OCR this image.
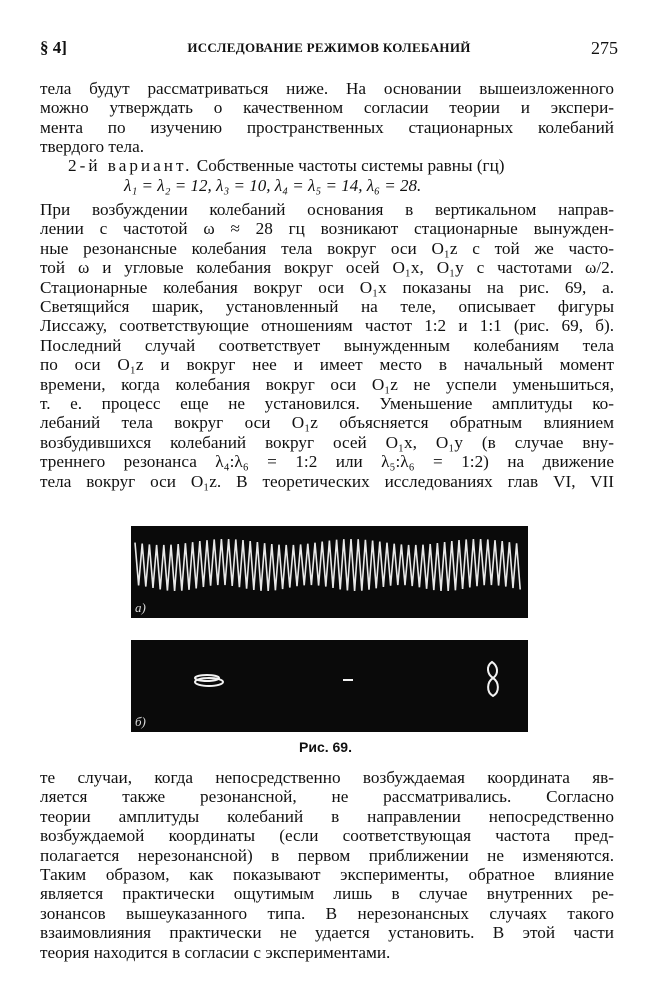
§ 4]	ИССЛЕДОВАНИЕ РЕЖИМОВ КОЛЕБАНИЙ	275
тела будут рассматриваться ниже. На основании вышеизложенного
можно утверждать о качественном согласии теории и экспери-
мента по изучению пространственных стационарных колебаний
твердого тела.
2-й вариант. Собственные частоты системы равны (гц)
λ₁ = λ₂ = 12, λ₃ = 10, λ₄ = λ₅ = 14, λ₆ = 28.
При возбуждении колебаний основания в вертикальном направ-
лении с частотой ω ≈ 28 гц возникают стационарные вынужден-
ные резонансные колебания тела вокруг оси O₁z с той же часто-
той ω и угловые колебания вокруг осей O₁x, O₁y с частотами ω/2.
Стационарные колебания вокруг оси O₁x показаны на рис. 69, а.
Светящийся шарик, установленный на теле, описывает фигуры
Лиссажу, соответствующие отношениям частот 1:2 и 1:1 (рис. 69, б).
Последний случай соответствует вынужденным колебаниям тела
по оси O₁z и вокруг нее и имеет место в начальный момент
времени, когда колебания вокруг оси O₁z не успели уменьшиться,
т. е. процесс еще не установился. Уменьшение амплитуды ко-
лебаний тела вокруг оси O₁z объясняется обратным влиянием
возбудившихся колебаний вокруг осей O₁x, O₁y (в случае вну-
треннего резонанса λ₄:λ₆ = 1:2 или λ₅:λ₆ = 1:2) на движение
тела вокруг оси O₁z. В теоретических исследованиях глав VI, VII
а)
б)
Рис. 69.
те случаи, когда непосредственно возбуждаемая координата яв-
ляется также резонансной, не рассматривались. Согласно
теории амплитуды колебаний в направлении непосредственно
возбуждаемой координаты (если соответствующая частота пред-
полагается нерезонансной) в первом приближении не изменяются.
Таким образом, как показывают эксперименты, обратное влияние
является практически ощутимым лишь в случае внутренних ре-
зонансов вышеуказанного типа. В нерезонансных случаях такого
взаимовлияния практически не удается установить. В этой части
теория находится в согласии с экспериментами.
